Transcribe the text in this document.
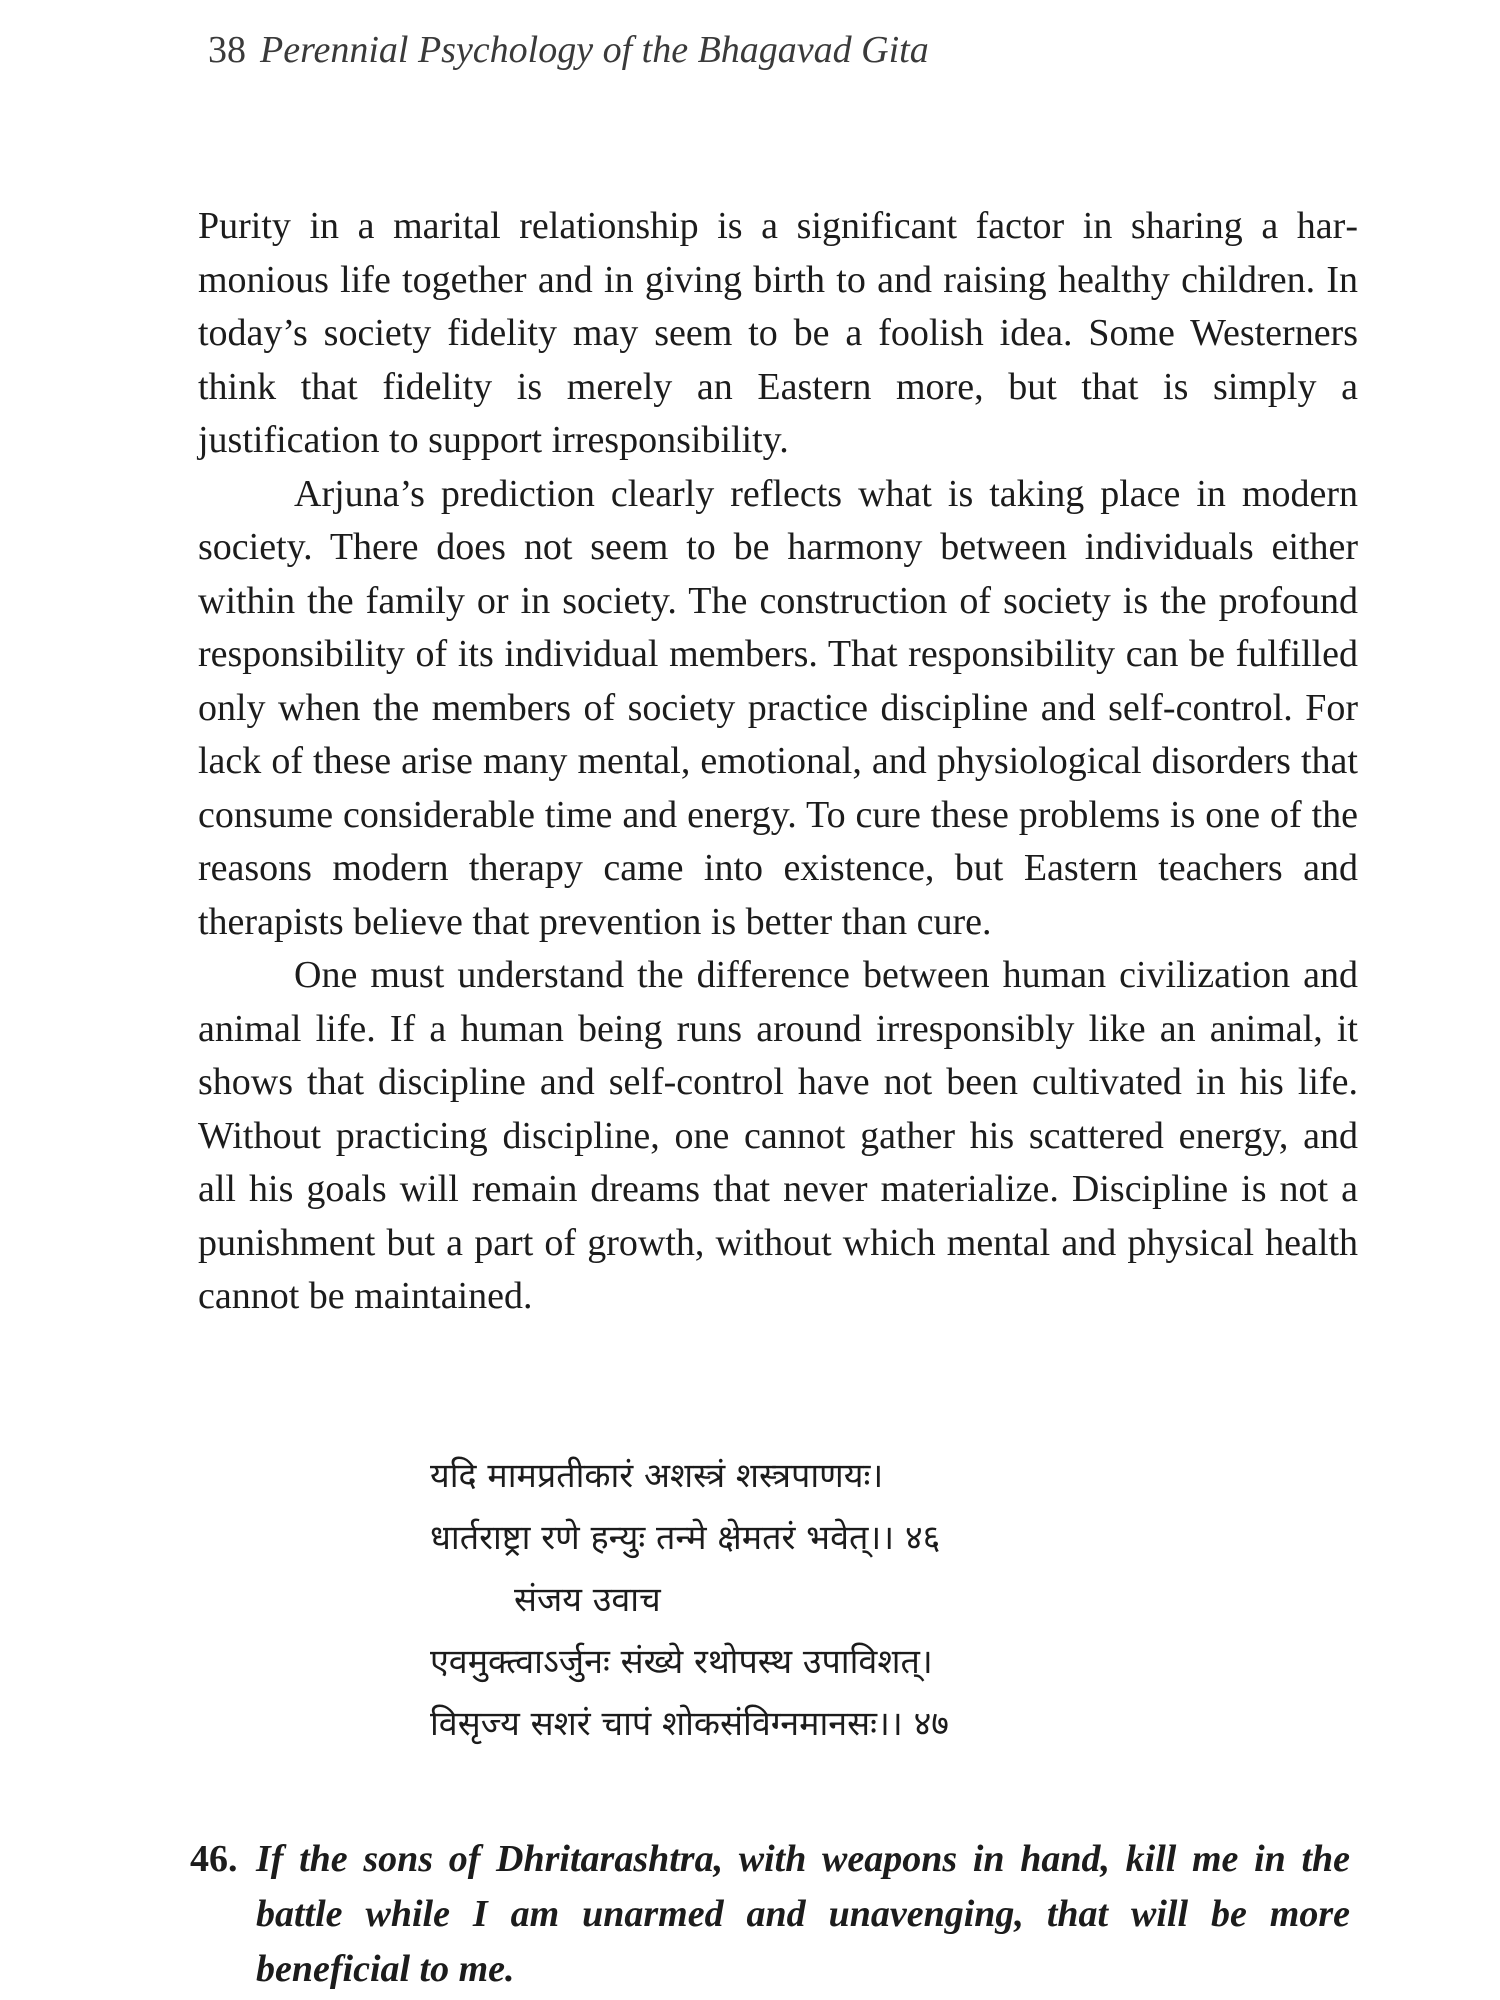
38 Perennial Psychology of the Bhagavad Gita

Purity in a marital relationship is a significant factor in sharing a harmonious life together and in giving birth to and raising healthy children. In today’s society fidelity may seem to be a foolish idea. Some Westerners think that fidelity is merely an Eastern more, but that is simply a justification to support irresponsibility.

Arjuna’s prediction clearly reflects what is taking place in modern society. There does not seem to be harmony between individuals either within the family or in society. The construction of society is the profound responsibility of its individual members. That responsibility can be fulfilled only when the members of society practice discipline and self-control. For lack of these arise many mental, emotional, and physiological disorders that consume considerable time and energy. To cure these problems is one of the reasons modern therapy came into existence, but Eastern teachers and therapists believe that prevention is better than cure.

One must understand the difference between human civilization and animal life. If a human being runs around irresponsibly like an animal, it shows that discipline and self-control have not been cultivated in his life. Without practicing discipline, one cannot gather his scattered energy, and all his goals will remain dreams that never materialize. Discipline is not a punishment but a part of growth, without which mental and physical health cannot be maintained.

यदि मामप्रतीकारं अशस्त्रं शस्त्रपाणयः।
धार्तराष्ट्रा रणे हन्युः तन्मे क्षेमतरं भवेत्।। ४६
संजय उवाच
एवमुक्त्वाऽर्जुनः संख्ये रथोपस्थ उपाविशत्।
विसृज्य सशरं चापं शोकसंविग्नमानसः।। ४७
46. If the sons of Dhritarashtra, with weapons in hand, kill me in the battle while I am unarmed and unavenging, that will be more beneficial to me.
